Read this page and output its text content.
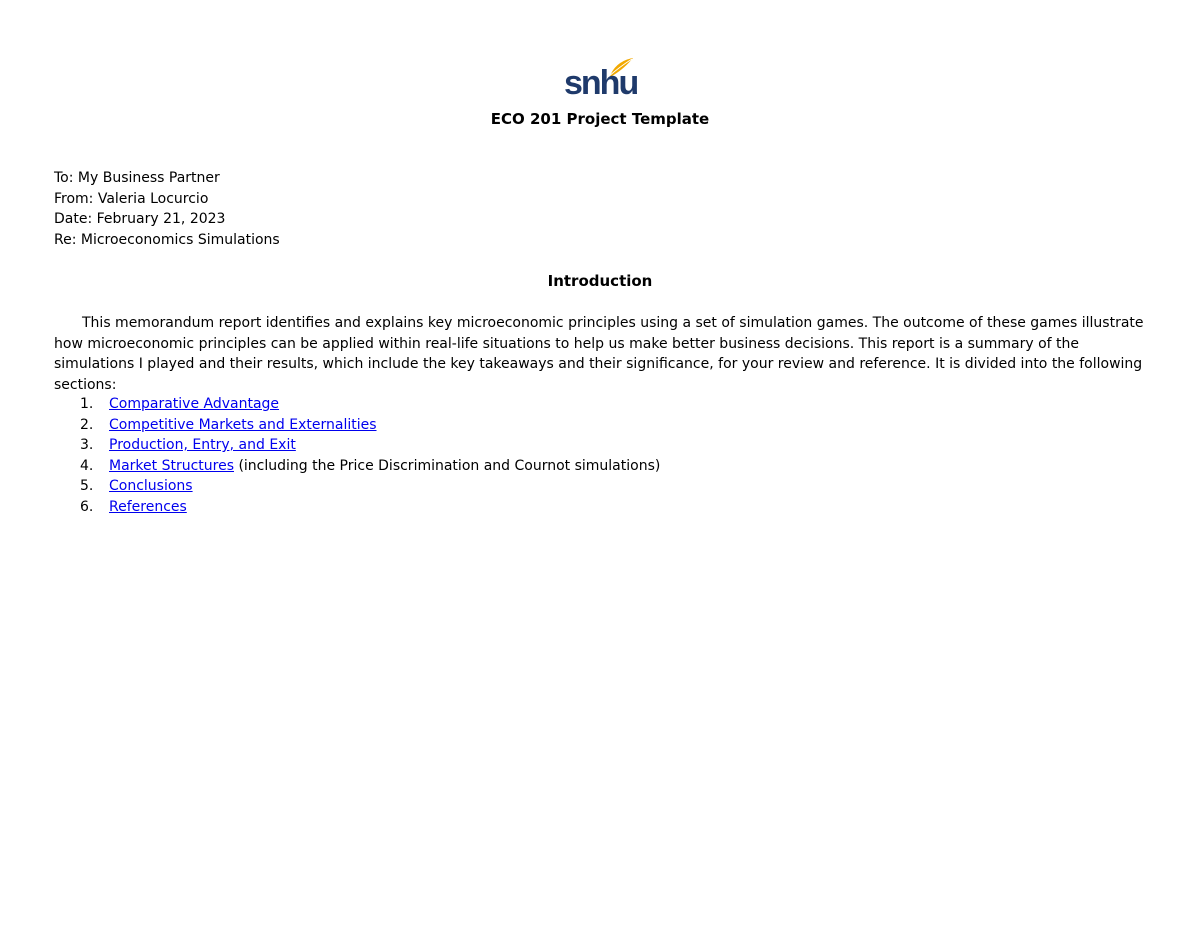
snhu
ECO 201 Project Template
To: My Business Partner
From: Valeria Locurcio
Date: February 21, 2023
Re: Microeconomics Simulations
Introduction

This memorandum report identifies and explains key microeconomic principles using a set of simulation games. The outcome of these games illustrate how microeconomic principles can be applied within real-life situations to help us make better business decisions. This report is a summary of the simulations I played and their results, which include the key takeaways and their significance, for your review and reference. It is divided into the following sections:

1. Comparative Advantage
2. Competitive Markets and Externalities
3. Production, Entry, and Exit
4. Market Structures (including the Price Discrimination and Cournot simulations)
5. Conclusions
6. References
